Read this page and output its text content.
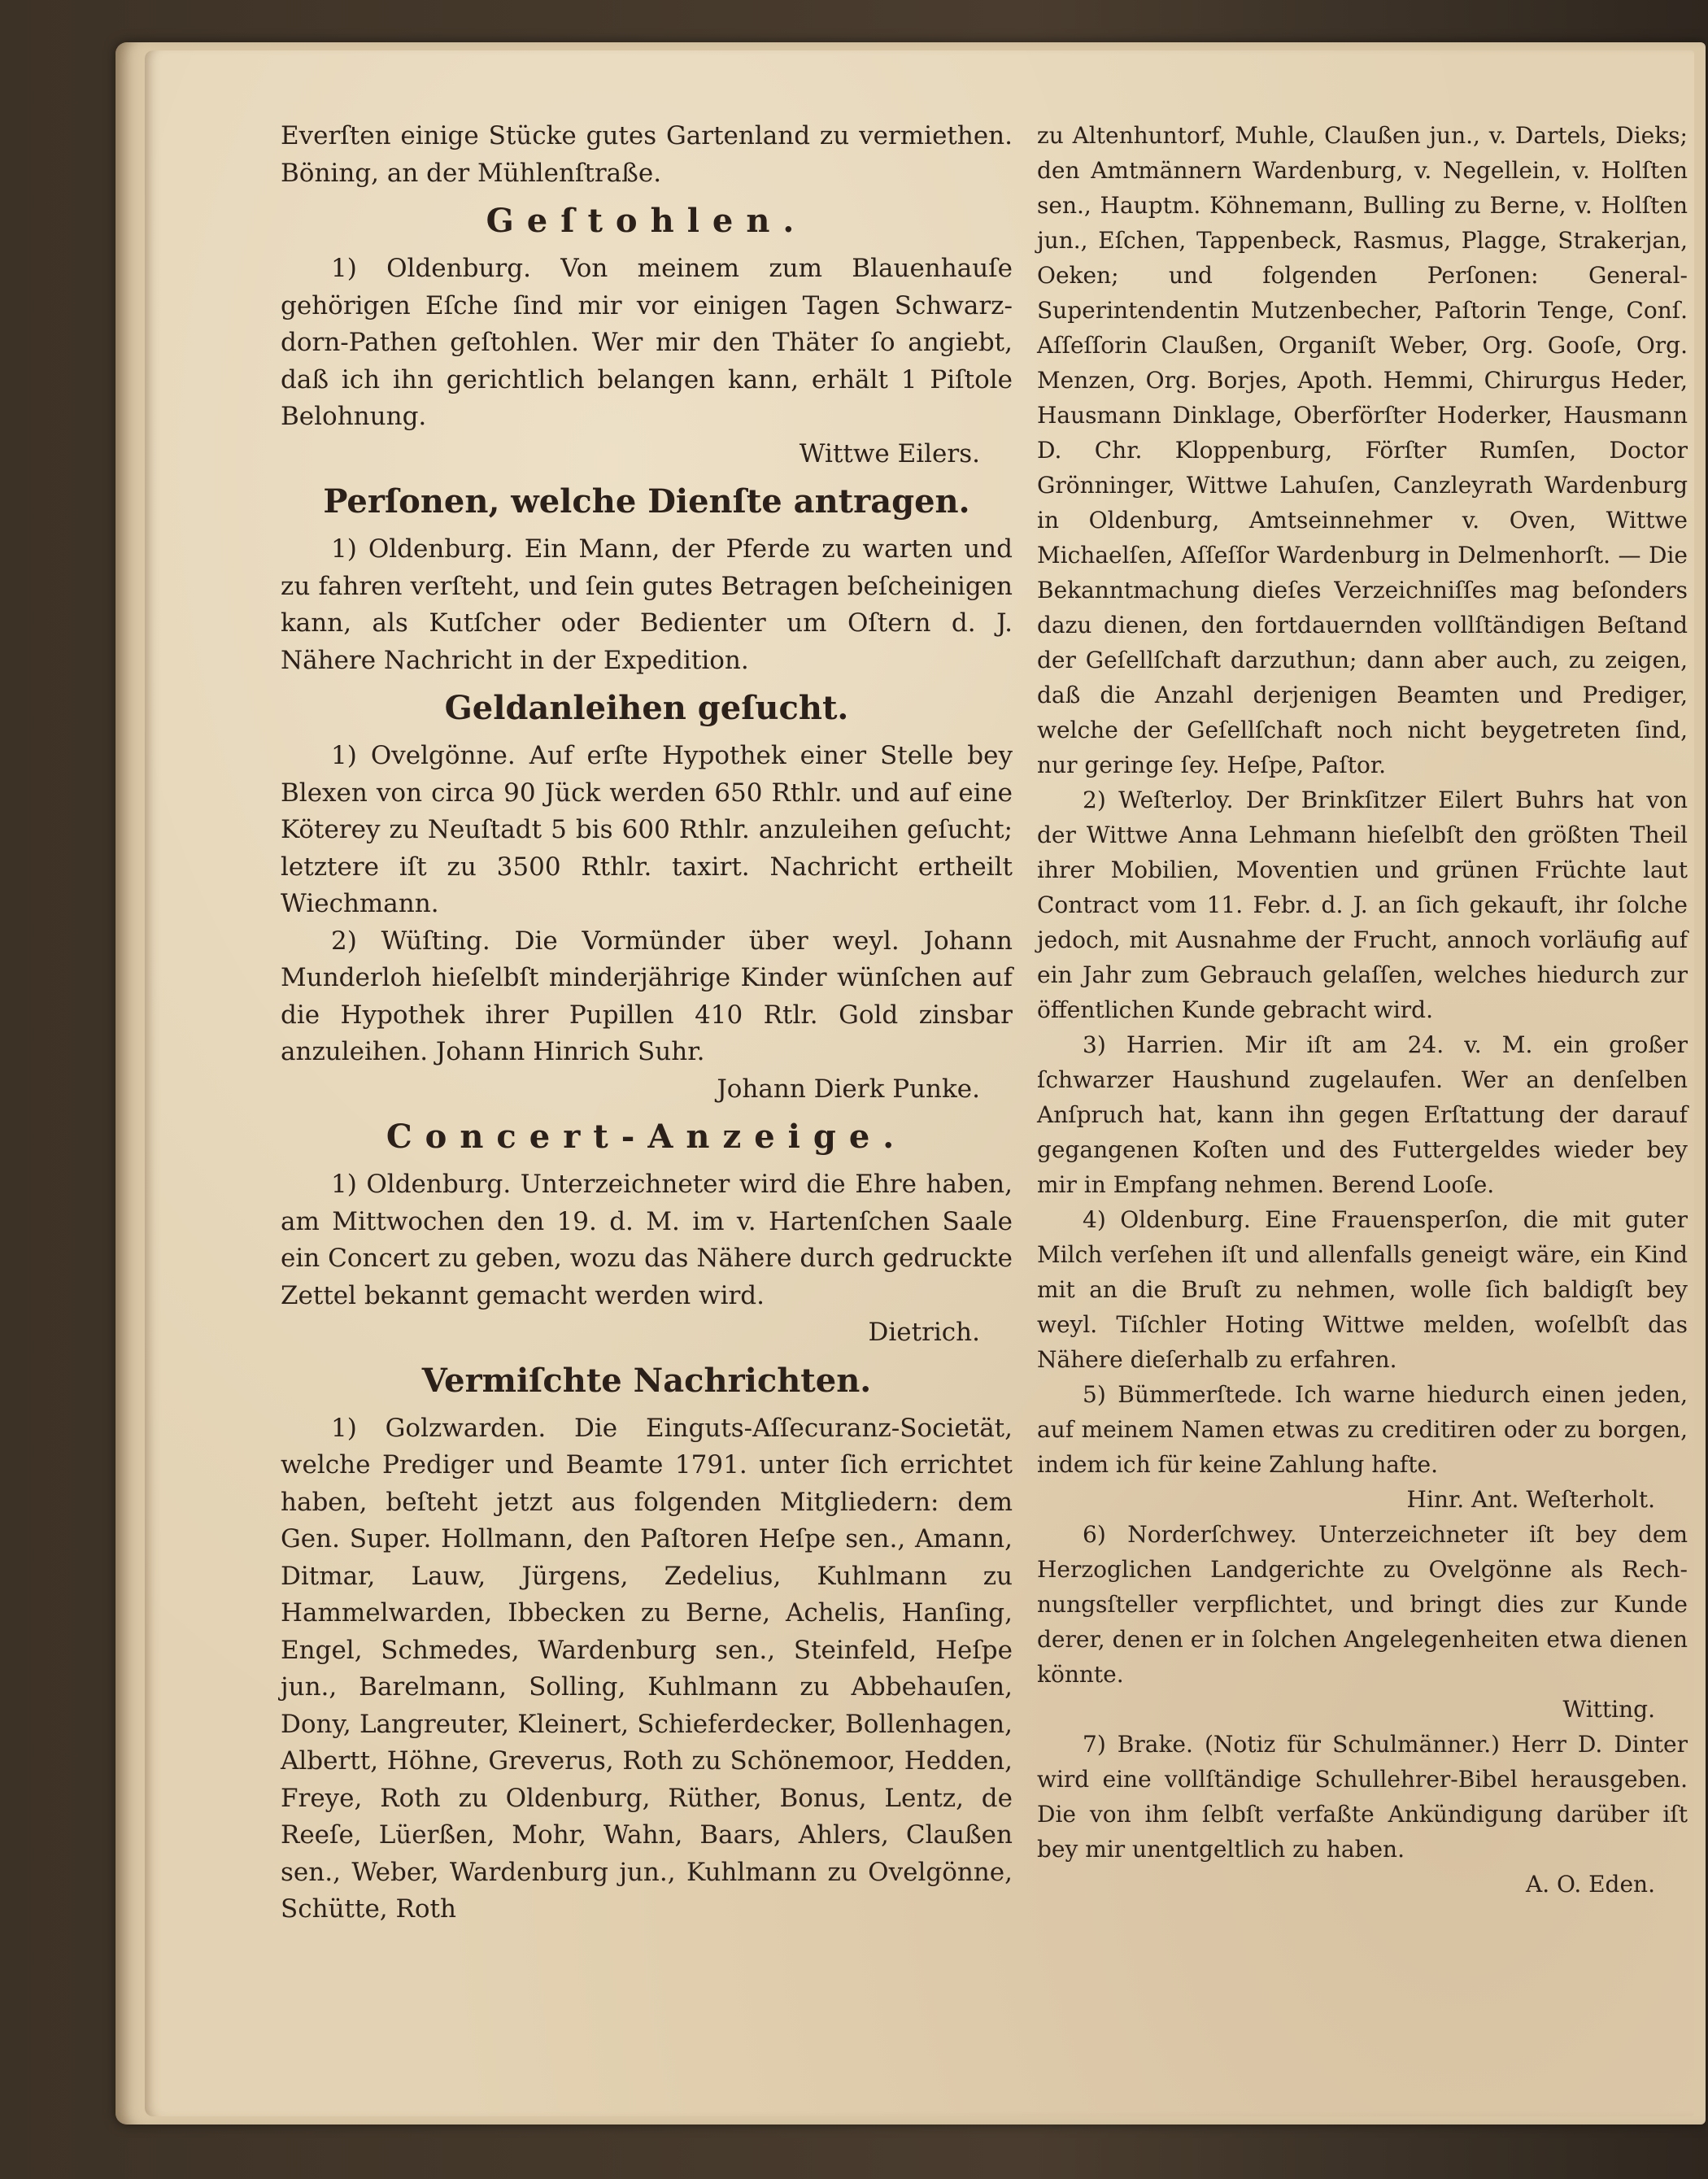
Everſten einige Stücke gutes Gartenland zu vermiethen. Böning, an der Mühlenſtraße.

Geſtohlen.

1) Oldenburg. Von meinem zum Blauenhauſe gehörigen Eſche ſind mir vor einigen Tagen Schwarzdorn-Pathen geſtohlen. Wer mir den Thäter ſo angiebt, daß ich ihn gerichtlich belangen kann, erhält 1 Piſtole Belohnung.

Wittwe Eilers.

Perſonen, welche Dienſte antragen.

1) Oldenburg. Ein Mann, der Pferde zu warten und zu fahren verſteht, und ſein gutes Betragen beſcheinigen kann, als Kutſcher oder Bedienter um Oſtern d. J. Nähere Nachricht in der Expedition.

Geldanleihen geſucht.

1) Ovelgönne. Auf erſte Hypothek einer Stelle bey Blexen von circa 90 Jück werden 650 Rthlr. und auf eine Köterey zu Neuſtadt 5 bis 600 Rthlr. anzuleihen geſucht; letztere iſt zu 3500 Rthlr. taxirt. Nachricht ertheilt Wiechmann.

2) Wüſting. Die Vormünder über weyl. Johann Munderloh hieſelbſt minderjährige Kinder wünſchen auf die Hypothek ihrer Pupillen 410 Rtlr. Gold zinsbar anzuleihen. Johann Hinrich Suhr.

Johann Dierk Punke.

Concert-Anzeige.

1) Oldenburg. Unterzeichneter wird die Ehre haben, am Mittwochen den 19. d. M. im v. Hartenſchen Saale ein Concert zu geben, wozu das Nähere durch gedruckte Zettel bekannt gemacht werden wird.

Dietrich.

Vermiſchte Nachrichten.

1) Golzwarden. Die Einguts-Aſſecuranz-Societät, welche Prediger und Beamte 1791. unter ſich errichtet haben, beſteht jetzt aus folgenden Mitgliedern: dem Gen. Super. Hollmann, den Paſtoren Heſpe sen., Amann, Ditmar, Lauw, Jürgens, Zedelius, Kuhlmann zu Hammelwarden, Ibbecken zu Berne, Achelis, Hanſing, Engel, Schmedes, Wardenburg sen., Steinfeld, Heſpe jun., Barelmann, Solling, Kuhlmann zu Abbehauſen, Dony, Langreuter, Kleinert, Schieferdecker, Bollenhagen, Albertt, Höhne, Greverus, Roth zu Schönemoor, Hedden, Freye, Roth zu Oldenburg, Rüther, Bonus, Lentz, de Reeſe, Lüerßen, Mohr, Wahn, Baars, Ahlers, Claußen sen., Weber, Wardenburg jun., Kuhlmann zu Ovelgönne, Schütte, Roth

zu Altenhuntorf, Muhle, Claußen jun., v. Dartels, Dieks; den Amtmännern Wardenburg, v. Negellein, v. Holſten sen., Hauptm. Köhnemann, Bulling zu Berne, v. Holſten jun., Eſchen, Tappenbeck, Rasmus, Plagge, Strakerjan, Oeken; und folgenden Perſonen: General-Superintendentin Mutzenbecher, Paſtorin Tenge, Conſ. Aſſeſſorin Claußen, Organiſt Weber, Org. Gooſe, Org. Menzen, Org. Borjes, Apoth. Hemmi, Chirurgus Heder, Hausmann Dinklage, Oberförſter Hoderker, Hausmann D. Chr. Kloppenburg, Förſter Rumſen, Doctor Grönninger, Wittwe Lahuſen, Canzleyrath Wardenburg in Oldenburg, Amtseinnehmer v. Oven, Wittwe Michaelſen, Aſſeſſor Wardenburg in Delmenhorſt. — Die Bekanntmachung dieſes Verzeichniſſes mag beſonders dazu dienen, den fortdauernden vollſtändigen Beſtand der Geſellſchaft darzuthun; dann aber auch, zu zeigen, daß die Anzahl derjenigen Beamten und Prediger, welche der Geſellſchaft noch nicht beygetreten ſind, nur geringe ſey. Heſpe, Paſtor.

2) Weſterloy. Der Brinkſitzer Eilert Buhrs hat von der Wittwe Anna Lehmann hieſelbſt den größten Theil ihrer Mobilien, Moventien und grünen Früchte laut Contract vom 11. Febr. d. J. an ſich gekauft, ihr ſolche jedoch, mit Ausnahme der Frucht, annoch vorläufig auf ein Jahr zum Gebrauch gelaſſen, welches hiedurch zur öffentlichen Kunde gebracht wird.

3) Harrien. Mir iſt am 24. v. M. ein großer ſchwarzer Haushund zugelaufen. Wer an denſelben Anſpruch hat, kann ihn gegen Erſtattung der darauf gegangenen Koſten und des Futtergeldes wieder bey mir in Empfang nehmen. Berend Looſe.

4) Oldenburg. Eine Frauensperſon, die mit guter Milch verſehen iſt und allenfalls geneigt wäre, ein Kind mit an die Bruſt zu nehmen, wolle ſich baldigſt bey weyl. Tiſchler Hoting Wittwe melden, woſelbſt das Nähere dieſerhalb zu erfahren.

5) Bümmerſtede. Ich warne hiedurch einen jeden, auf meinem Namen etwas zu creditiren oder zu borgen, indem ich für keine Zahlung hafte.

Hinr. Ant. Weſterholt.

6) Norderſchwey. Unterzeichneter iſt bey dem Herzoglichen Landgerichte zu Ovelgönne als Rechnungsſteller verpflichtet, und bringt dies zur Kunde derer, denen er in ſolchen Angelegenheiten etwa dienen könnte.

Witting.

7) Brake. (Notiz für Schulmänner.) Herr D. Dinter wird eine vollſtändige Schullehrer-Bibel herausgeben. Die von ihm ſelbſt verfaßte Ankündigung darüber iſt bey mir unentgeltlich zu haben.

A. O. Eden.
